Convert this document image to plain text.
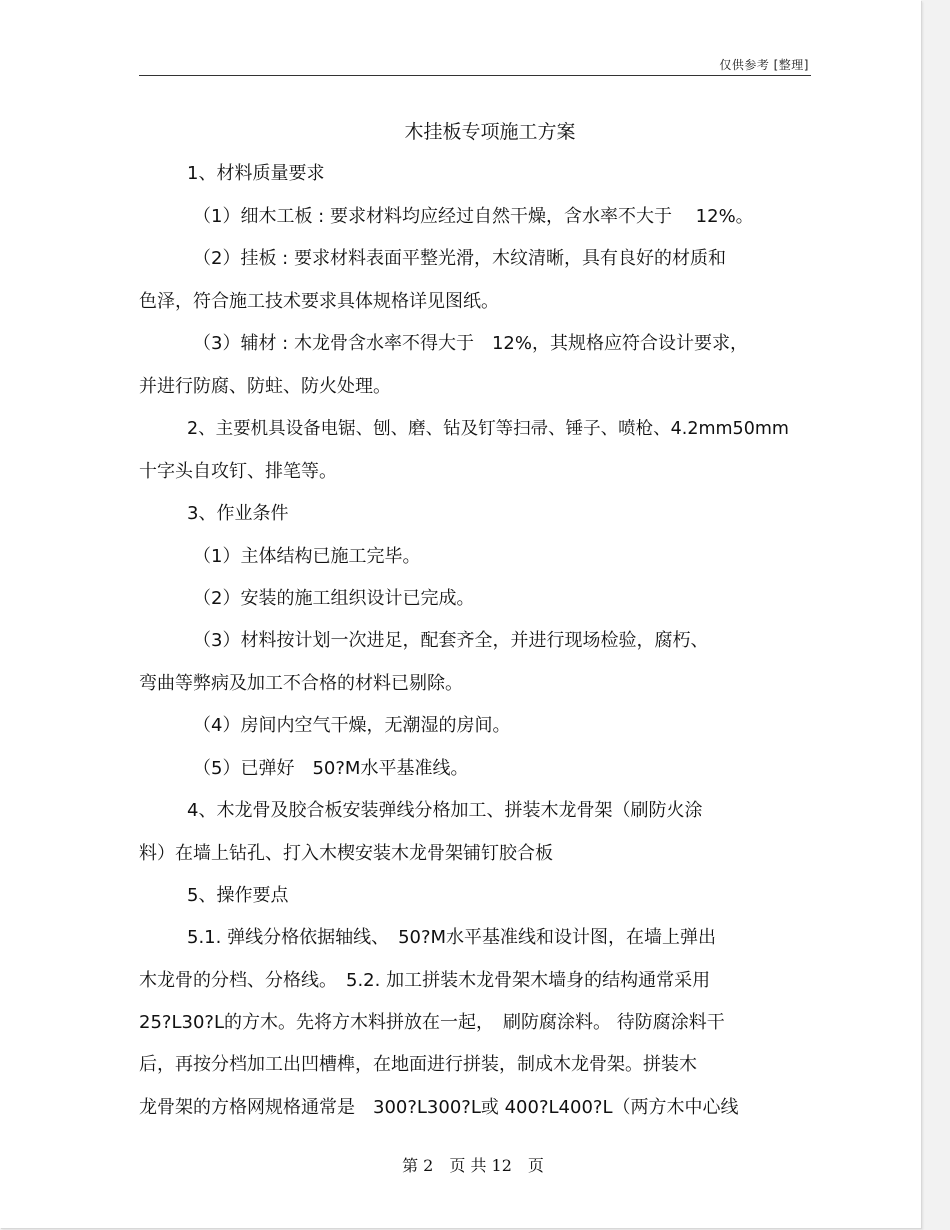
仅供参考 [整理]
木挂板专项施工方案
1、材料质量要求
（1）细木工板 : 要求材料均应经过自然干燥，含水率不大于　 12%。
（2）挂板 : 要求材料表面平整光滑，木纹清晰，具有良好的材质和
色泽，符合施工技术要求具体规格详见图纸。
（3）辅材 : 木龙骨含水率不得大于　12%，其规格应符合设计要求，
并进行防腐、防蛀、防火处理。
2、主要机具设备电锯、刨、磨、钻及钉等扫帚、锤子、喷枪、4.2mm50mm
十字头自攻钉、排笔等。
3、作业条件
（1）主体结构已施工完毕。
（2）安装的施工组织设计已完成。
（3）材料按计划一次进足，配套齐全，并进行现场检验，腐朽、
弯曲等弊病及加工不合格的材料已剔除。
（4）房间内空气干燥，无潮湿的房间。
（5）已弹好　50?M水平基准线。
4、木龙骨及胶合板安装弹线分格加工、拼装木龙骨架（刷防火涂
料）在墙上钻孔、打入木楔安装木龙骨架铺钉胶合板
5、操作要点
5.1. 弹线分格依据轴线、　50?M水平基准线和设计图，在墙上弹出
木龙骨的分档、分格线。　5.2. 加工拼装木龙骨架木墙身的结构通常采用
25?L30?L的方木。先将方木料拼放在一起，　刷防腐涂料。 待防腐涂料干
后，再按分档加工出凹槽榫，在地面进行拼装，制成木龙骨架。拼装木
龙骨架的方格网规格通常是　300?L300?L或 400?L400?L（两方木中心线
第 2　页 共 12　页
